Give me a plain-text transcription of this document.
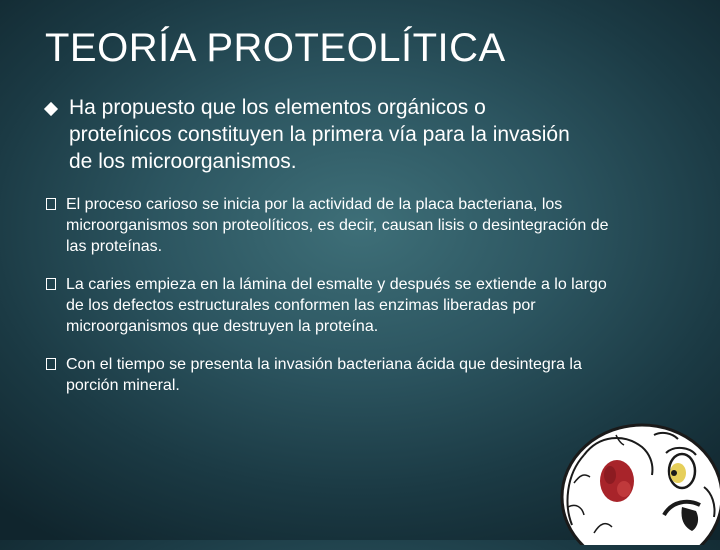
TEORÍA PROTEOLÍTICA
Ha propuesto que los elementos orgánicos o proteínicos constituyen la primera vía para la invasión de los microorganismos.
El proceso carioso se inicia por la actividad de la placa bacteriana, los microorganismos son proteolíticos, es decir, causan lisis o desintegración de las proteínas.
La caries empieza en la lámina del esmalte y después se extiende a lo largo de los defectos estructurales conformen las enzimas liberadas por microorganismos que destruyen la proteína.
Con el tiempo se presenta la invasión bacteriana ácida que desintegra la porción mineral.
